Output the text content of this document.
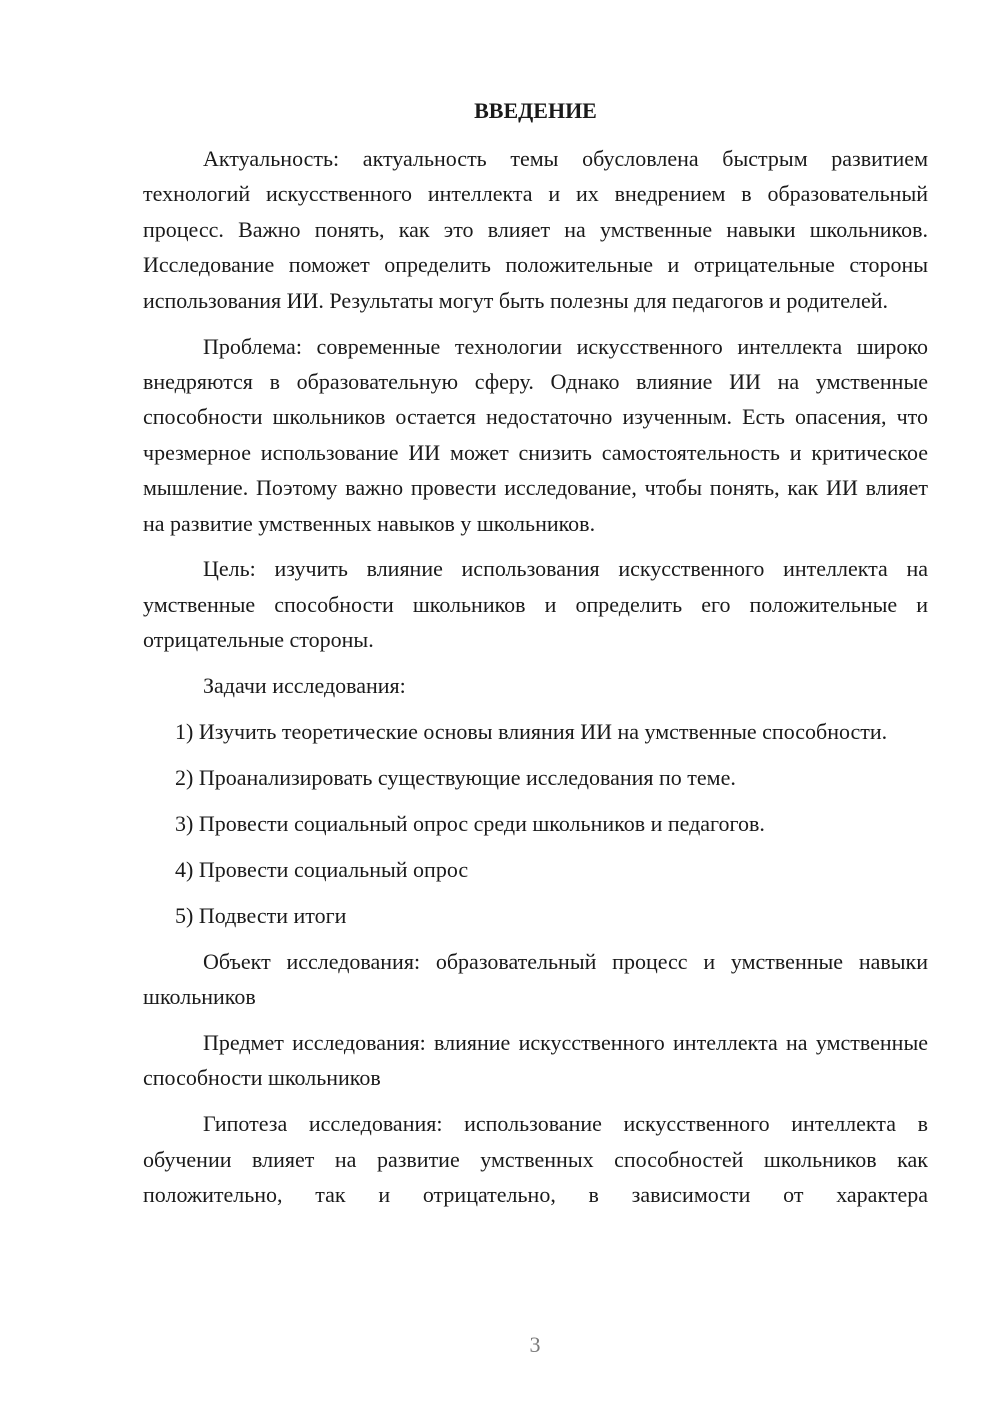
ВВЕДЕНИЕ

Актуальность: актуальность темы обусловлена быстрым развитием технологий искусственного интеллекта и их внедрением в образовательный процесс. Важно понять, как это влияет на умственные навыки школьников. Исследование поможет определить положительные и отрицательные стороны использования ИИ. Результаты могут быть полезны для педагогов и родителей.

Проблема: современные технологии искусственного интеллекта широко внедряются в образовательную сферу. Однако влияние ИИ на умственные способности школьников остается недостаточно изученным. Есть опасения, что чрезмерное использование ИИ может снизить самостоятельность и критическое мышление. Поэтому важно провести исследование, чтобы понять, как ИИ влияет на развитие умственных навыков у школьников.

Цель: изучить влияние использования искусственного интеллекта на умственные способности школьников и определить его положительные и отрицательные стороны.

Задачи исследования:

1) Изучить теоретические основы влияния ИИ на умственные способности.

2) Проанализировать существующие исследования по теме.

3) Провести социальный опрос среди школьников и педагогов.

4) Провести социальный опрос

5) Подвести итоги

Объект исследования: образовательный процесс и умственные навыки школьников

Предмет исследования: влияние искусственного интеллекта на умственные способности школьников

Гипотеза исследования: использование искусственного интеллекта в обучении влияет на развитие умственных способностей школьников как положительно, так и отрицательно, в зависимости от характера

3
